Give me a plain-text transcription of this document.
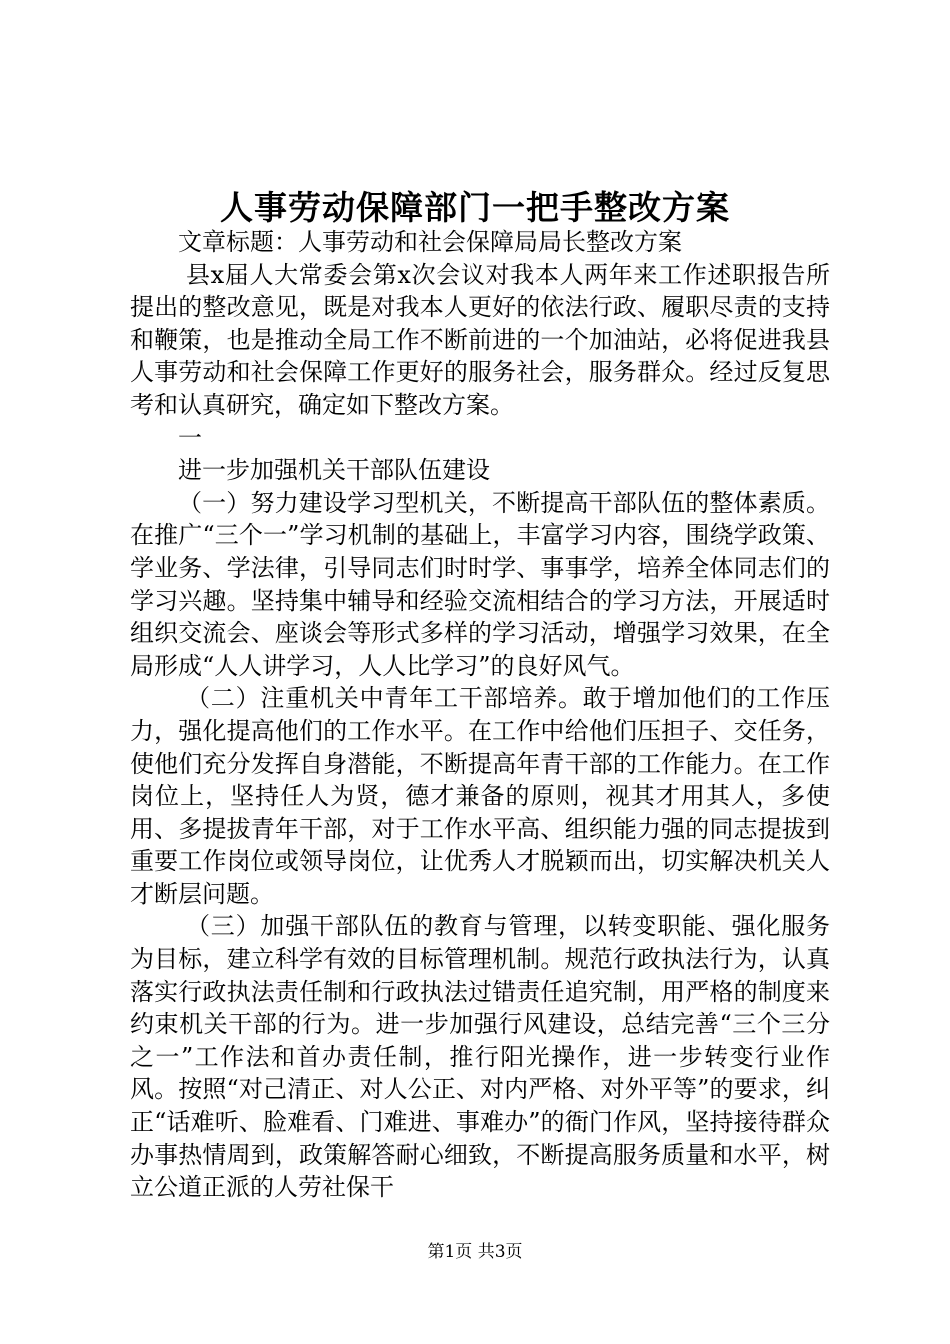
人事劳动保障部门一把手整改方案

文章标题：人事劳动和社会保障局局长整改方案

县x届人大常委会第x次会议对我本人两年来工作述职报告所提出的整改意见，既是对我本人更好的依法行政、履职尽责的支持和鞭策，也是推动全局工作不断前进的一个加油站，必将促进我县人事劳动和社会保障工作更好的服务社会，服务群众。经过反复思考和认真研究，确定如下整改方案。

一

进一步加强机关干部队伍建设

（一）努力建设学习型机关，不断提高干部队伍的整体素质。在推广“三个一”学习机制的基础上，丰富学习内容，围绕学政策、学业务、学法律，引导同志们时时学、事事学，培养全体同志们的学习兴趣。坚持集中辅导和经验交流相结合的学习方法，开展适时组织交流会、座谈会等形式多样的学习活动，增强学习效果，在全局形成“人人讲学习，人人比学习”的良好风气。

（二）注重机关中青年工干部培养。敢于增加他们的工作压力，强化提高他们的工作水平。在工作中给他们压担子、交任务，使他们充分发挥自身潜能，不断提高年青干部的工作能力。在工作岗位上，坚持任人为贤，德才兼备的原则，视其才用其人，多使用、多提拔青年干部，对于工作水平高、组织能力强的同志提拔到重要工作岗位或领导岗位，让优秀人才脱颖而出，切实解决机关人才断层问题。

（三）加强干部队伍的教育与管理，以转变职能、强化服务为目标，建立科学有效的目标管理机制。规范行政执法行为，认真落实行政执法责任制和行政执法过错责任追究制，用严格的制度来约束机关干部的行为。进一步加强行风建设，总结完善“三个三分之一”工作法和首办责任制，推行阳光操作，进一步转变行业作风。按照“对己清正、对人公正、对内严格、对外平等”的要求，纠正“话难听、脸难看、门难进、事难办”的衙门作风，坚持接待群众办事热情周到，政策解答耐心细致，不断提高服务质量和水平，树立公道正派的人劳社保干

第1页 共3页
